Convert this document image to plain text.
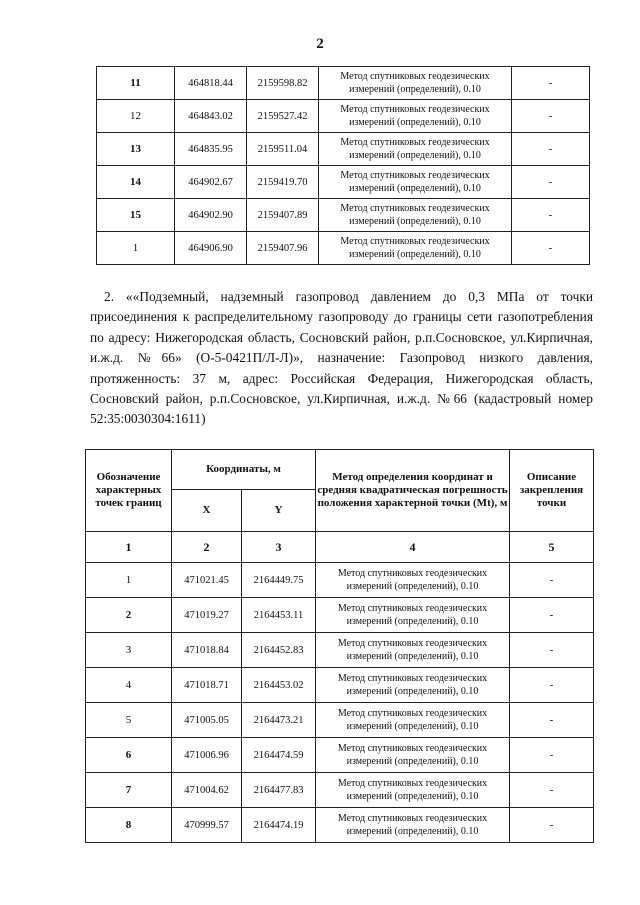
2
11	464818.44	2159598.82	Метод спутниковых геодезических
измерений (определений), 0.10	-
12	464843.02	2159527.42	Метод спутниковых геодезических
измерений (определений), 0.10	-
13	464835.95	2159511.04	Метод спутниковых геодезических
измерений (определений), 0.10	-
14	464902.67	2159419.70	Метод спутниковых геодезических
измерений (определений), 0.10	-
15	464902.90	2159407.89	Метод спутниковых геодезических
измерений (определений), 0.10	-
1	464906.90	2159407.96	Метод спутниковых геодезических
измерений (определений), 0.10	-

2. ««Подземный, надземный газопровод давлением до 0,3 МПа от точки присоединения к распределительному газопроводу до границы сети газопотребления по адресу: Нижегородская область, Сосновский район, р.п.Сосновское, ул.Кирпичная, и.ж.д. №66» (О-5-0421П/Л-Л)», назначение: Газопровод низкого давления, протяженность: 37 м, адрес: Российская Федерация, Нижегородская область, Сосновский район, р.п.Сосновское, ул.Кирпичная, и.ж.д. №66 (кадастровый номер 52:35:0030304:1611)

Обозначение характерных точек границ	Координаты, м		Метод определения координат и средняя квадратическая погрешность положения характерной точки (Mt), м	Описание закрепления точки
	X	Y		
1	2	3	4	5
1	471021.45	2164449.75	Метод спутниковых геодезических
измерений (определений), 0.10	-
2	471019.27	2164453.11	Метод спутниковых геодезических
измерений (определений), 0.10	-
3	471018.84	2164452.83	Метод спутниковых геодезических
измерений (определений), 0.10	-
4	471018.71	2164453.02	Метод спутниковых геодезических
измерений (определений), 0.10	-
5	471005.05	2164473.21	Метод спутниковых геодезических
измерений (определений), 0.10	-
6	471006.96	2164474.59	Метод спутниковых геодезических
измерений (определений), 0.10	-
7	471004.62	2164477.83	Метод спутниковых геодезических
измерений (определений), 0.10	-
8	470999.57	2164474.19	Метод спутниковых геодезических
измерений (определений), 0.10	-
